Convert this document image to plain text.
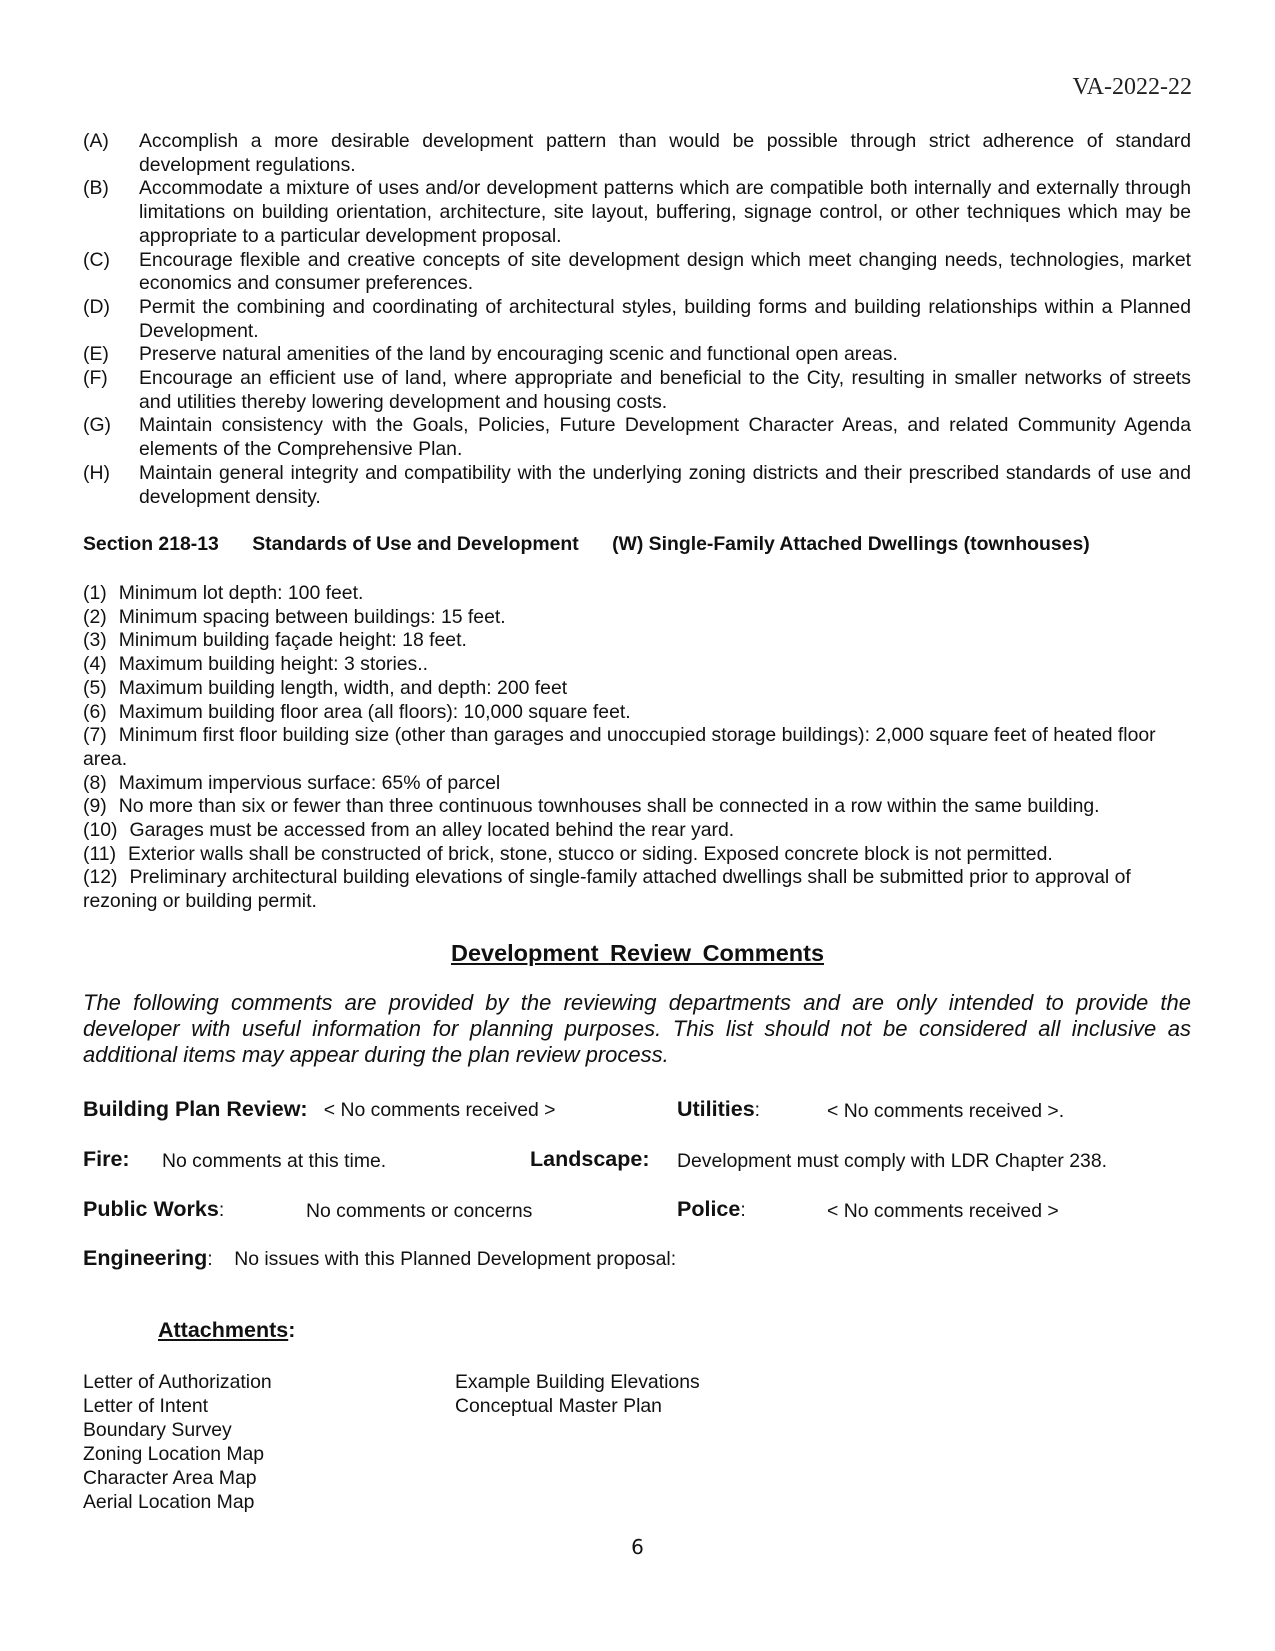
VA-2022-22
(A)	Accomplish a more desirable development pattern than would be possible through strict adherence of standard development regulations.
(B)	Accommodate a mixture of uses and/or development patterns which are compatible both internally and externally through limitations on building orientation, architecture, site layout, buffering, signage control, or other techniques which may be appropriate to a particular development proposal.
(C)	Encourage flexible and creative concepts of site development design which meet changing needs, technologies, market economics and consumer preferences.
(D)	Permit the combining and coordinating of architectural styles, building forms and building relationships within a Planned Development.
(E)	Preserve natural amenities of the land by encouraging scenic and functional open areas.
(F)	Encourage an efficient use of land, where appropriate and beneficial to the City, resulting in smaller networks of streets and utilities thereby lowering development and housing costs.
(G)	Maintain consistency with the Goals, Policies, Future Development Character Areas, and related Community Agenda elements of the Comprehensive Plan.
(H)	Maintain general integrity and compatibility with the underlying zoning districts and their prescribed standards of use and development density.
Section 218-13 Standards of Use and Development (W) Single-Family Attached Dwellings (townhouses)
(1) Minimum lot depth: 100 feet.
(2) Minimum spacing between buildings: 15 feet.
(3) Minimum building façade height: 18 feet.
(4) Maximum building height: 3 stories..
(5) Maximum building length, width, and depth: 200 feet
(6) Maximum building floor area (all floors): 10,000 square feet.
(7) Minimum first floor building size (other than garages and unoccupied storage buildings): 2,000 square feet of heated floor area.
(8) Maximum impervious surface: 65% of parcel
(9) No more than six or fewer than three continuous townhouses shall be connected in a row within the same building.
(10) Garages must be accessed from an alley located behind the rear yard.
(11) Exterior walls shall be constructed of brick, stone, stucco or siding. Exposed concrete block is not permitted.
(12) Preliminary architectural building elevations of single-family attached dwellings shall be submitted prior to approval of rezoning or building permit.
Development Review Comments
The following comments are provided by the reviewing departments and are only intended to provide the developer with useful information for planning purposes. This list should not be considered all inclusive as additional items may appear during the plan review process.
Building Plan Review: < No comments received >	Utilities:	< No comments received >.
Fire: No comments at this time.	Landscape: Development must comply with LDR Chapter 238.
Public Works:	No comments or concerns	Police:	< No comments received >
Engineering: No issues with this Planned Development proposal:
Attachments:
Letter of Authorization
Letter of Intent
Boundary Survey
Zoning Location Map
Character Area Map
Aerial Location Map
Example Building Elevations
Conceptual Master Plan
6
